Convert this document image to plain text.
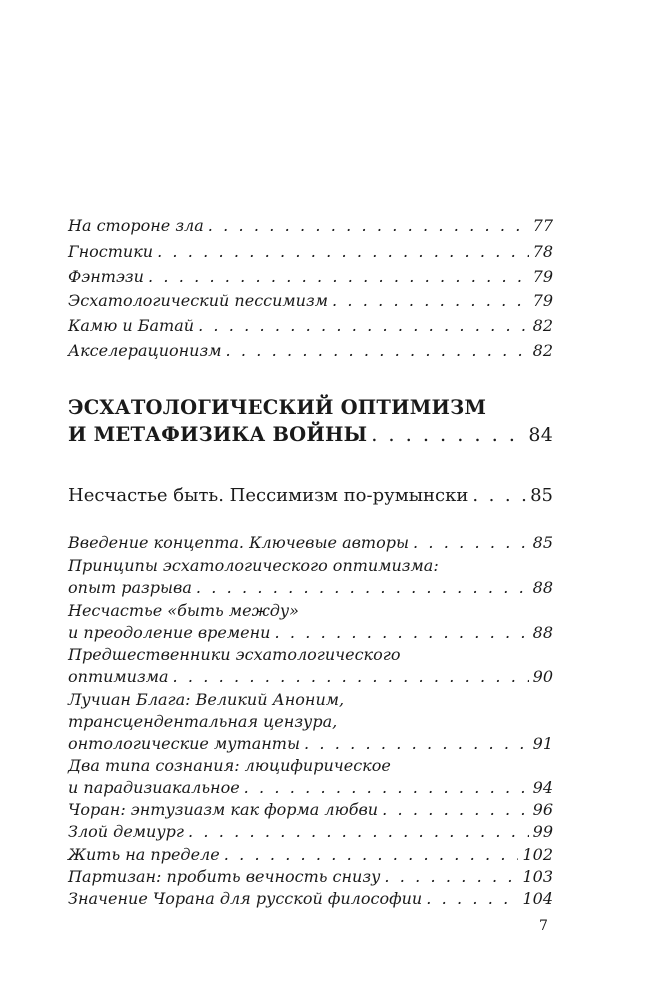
На стороне зла . . .	77
Гностики . . .	78
Фэнтэзи . . .	79
Эсхатологический пессимизм . . .	79
Камю и Батай . . .	82
Акселерационизм . . .	82
ЭСХАТОЛОГИЧЕСКИЙ ОПТИМИЗМ
И МЕТАФИЗИКА ВОЙНЫ . . .	84
Несчастье быть. Пессимизм по-румынски . . .	85
Введение концепта. Ключевые авторы . . .	85
Принципы эсхатологического оптимизма:
опыт разрыва . . .	88
Несчастье «быть между»
и преодоление времени . . .	88
Предшественники эсхатологического
оптимизма . . .	90
Лучиан Блага: Великий Аноним,
трансцендентальная цензура,
онтологические мутанты . . .	91
Два типа сознания: люцифирическое
и парадизиакальное . . .	94
Чоран: энтузиазм как форма любви . . .	96
Злой демиург . . .	99
Жить на пределе . . .	102
Партизан: пробить вечность снизу . . .	103
Значение Чорана для русской философии . . .	104
7
